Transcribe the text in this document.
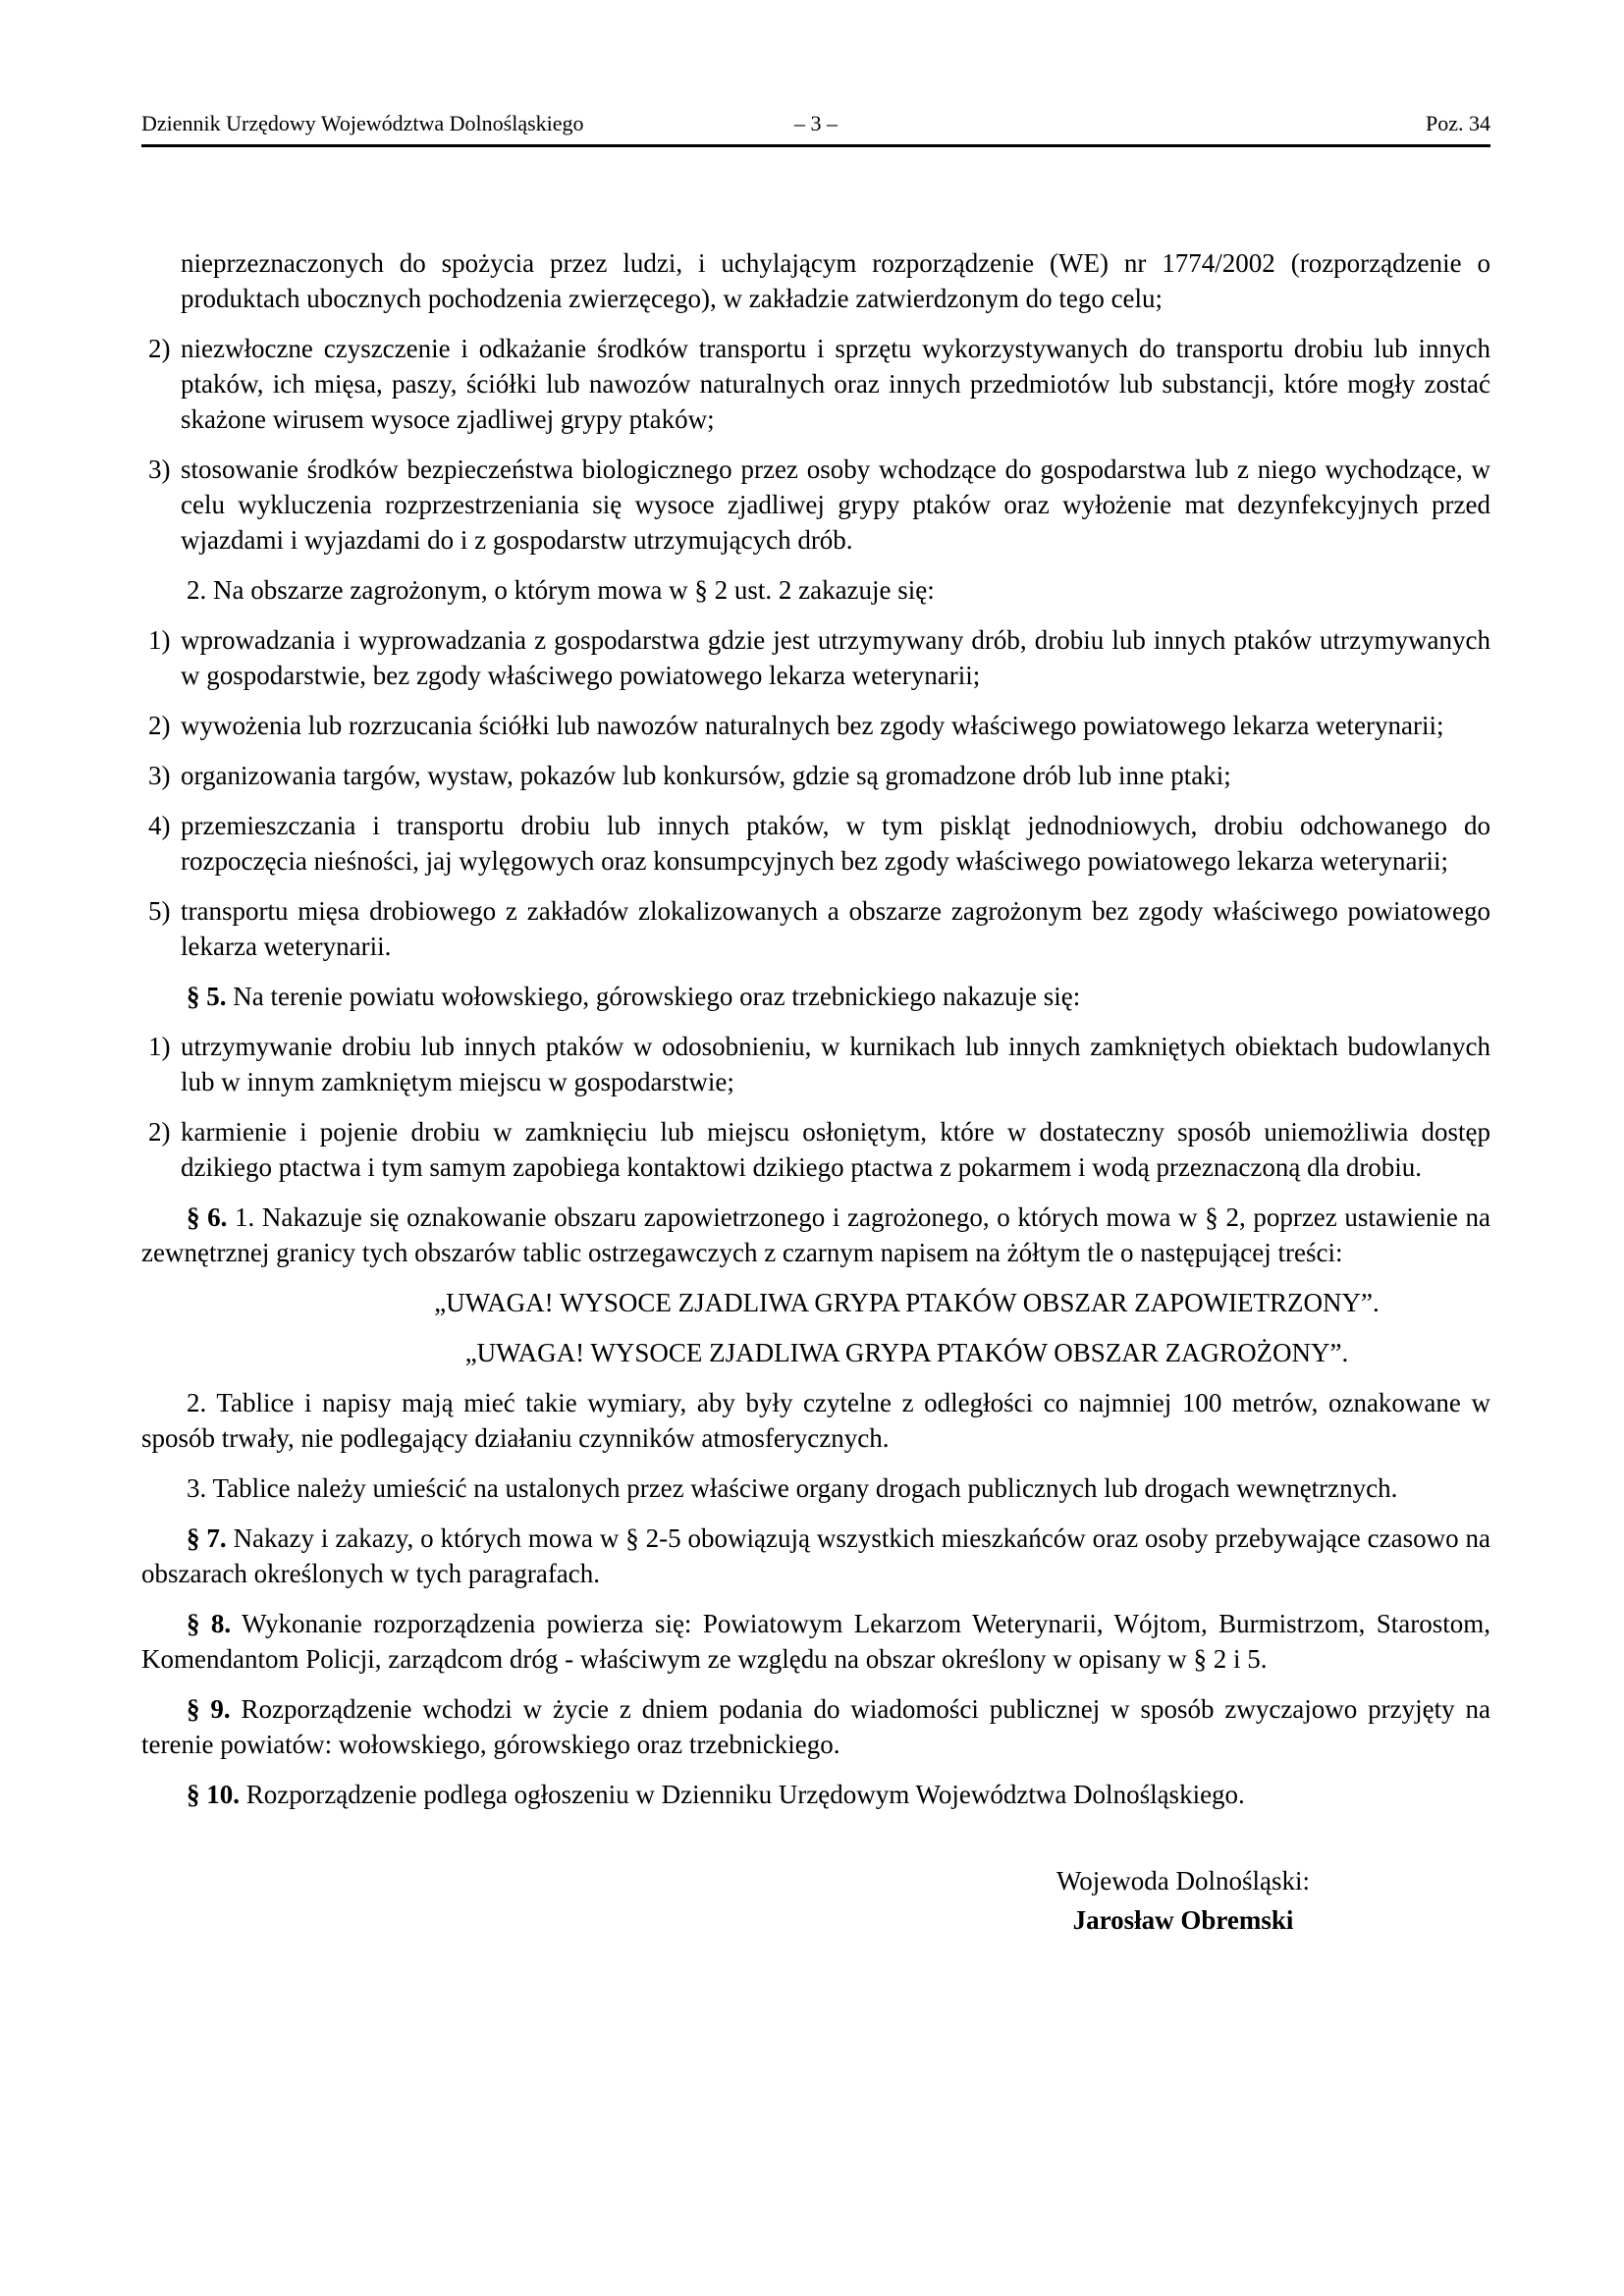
Dziennik Urzędowy Województwa Dolnośląskiego	– 3 –	Poz. 34
nieprzeznaczonych do spożycia przez ludzi, i uchylającym rozporządzenie (WE) nr 1774/2002 (rozporządzenie o produktach ubocznych pochodzenia zwierzęcego), w zakładzie zatwierdzonym do tego celu;
2) niezwłoczne czyszczenie i odkażanie środków transportu i sprzętu wykorzystywanych do transportu drobiu lub innych ptaków, ich mięsa, paszy, ściółki lub nawozów naturalnych oraz innych przedmiotów lub substancji, które mogły zostać skażone wirusem wysoce zjadliwej grypy ptaków;
3) stosowanie środków bezpieczeństwa biologicznego przez osoby wchodzące do gospodarstwa lub z niego wychodzące, w celu wykluczenia rozprzestrzeniania się wysoce zjadliwej grypy ptaków oraz wyłożenie mat dezynfekcyjnych przed wjazdami i wyjazdami do i z gospodarstw utrzymujących drób.
2. Na obszarze zagrożonym, o którym mowa w § 2 ust. 2 zakazuje się:
1) wprowadzania i wyprowadzania z gospodarstwa gdzie jest utrzymywany drób, drobiu lub innych ptaków utrzymywanych w gospodarstwie, bez zgody właściwego powiatowego lekarza weterynarii;
2) wywożenia lub rozrzucania ściółki lub nawozów naturalnych bez zgody właściwego powiatowego lekarza weterynarii;
3) organizowania targów, wystaw, pokazów lub konkursów, gdzie są gromadzone drób lub inne ptaki;
4) przemieszczania i transportu drobiu lub innych ptaków, w tym piskląt jednodniowych, drobiu odchowanego do rozpoczęcia nieśności, jaj wylęgowych oraz konsumpcyjnych bez zgody właściwego powiatowego lekarza weterynarii;
5) transportu mięsa drobiowego z zakładów zlokalizowanych a obszarze zagrożonym bez zgody właściwego powiatowego lekarza weterynarii.
§ 5. Na terenie powiatu wołowskiego, górowskiego oraz trzebnickiego nakazuje się:
1) utrzymywanie drobiu lub innych ptaków w odosobnieniu, w kurnikach lub innych zamkniętych obiektach budowlanych lub w innym zamkniętym miejscu w gospodarstwie;
2) karmienie i pojenie drobiu w zamknięciu lub miejscu osłoniętym, które w dostateczny sposób uniemożliwia dostęp dzikiego ptactwa i tym samym zapobiega kontaktowi dzikiego ptactwa z pokarmem i wodą przeznaczoną dla drobiu.
§ 6. 1. Nakazuje się oznakowanie obszaru zapowietrzonego i zagrożonego, o których mowa w § 2, poprzez ustawienie na zewnętrznej granicy tych obszarów tablic ostrzegawczych z czarnym napisem na żółtym tle o następującej treści:
„UWAGA! WYSOCE ZJADLIWA GRYPA PTAKÓW OBSZAR ZAPOWIETRZONY”.
„UWAGA! WYSOCE ZJADLIWA GRYPA PTAKÓW OBSZAR ZAGROŻONY”.
2. Tablice i napisy mają mieć takie wymiary, aby były czytelne z odległości co najmniej 100 metrów, oznakowane w sposób trwały, nie podlegający działaniu czynników atmosferycznych.
3. Tablice należy umieścić na ustalonych przez właściwe organy drogach publicznych lub drogach wewnętrznych.
§ 7. Nakazy i zakazy, o których mowa w § 2-5 obowiązują wszystkich mieszkańców oraz osoby przebywające czasowo na obszarach określonych w tych paragrafach.
§ 8. Wykonanie rozporządzenia powierza się: Powiatowym Lekarzom Weterynarii, Wójtom, Burmistrzom, Starostom, Komendantom Policji, zarządcom dróg - właściwym ze względu na obszar określony w opisany w § 2 i 5.
§ 9. Rozporządzenie wchodzi w życie z dniem podania do wiadomości publicznej w sposób zwyczajowo przyjęty na terenie powiatów: wołowskiego, górowskiego oraz trzebnickiego.
§ 10. Rozporządzenie podlega ogłoszeniu w Dzienniku Urzędowym Województwa Dolnośląskiego.
Wojewoda Dolnośląski:
Jarosław Obremski
